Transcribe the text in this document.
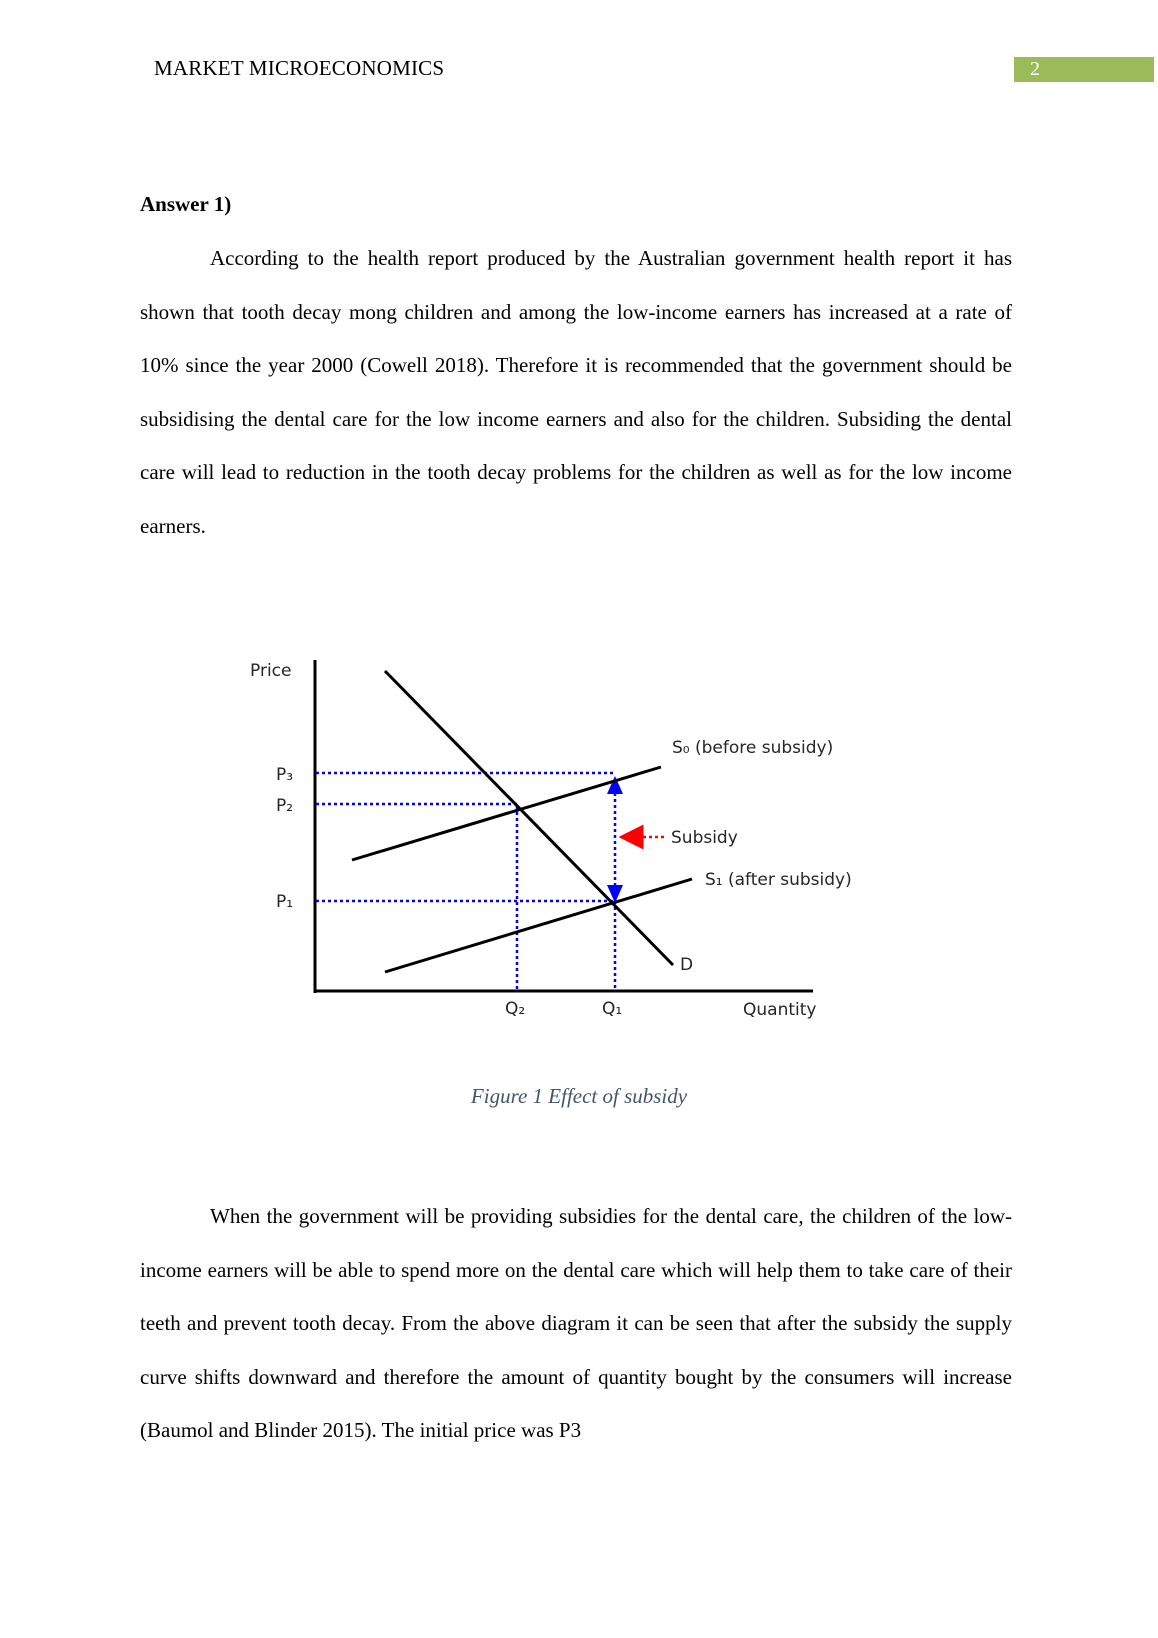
MARKET MICROECONOMICS	2
Answer 1)

According to the health report produced by the Australian government health report it has shown that tooth decay mong children and among the low-income earners has increased at a rate of 10% since the year 2000 (Cowell 2018). Therefore it is recommended that the government should be subsidising the dental care for the low income earners and also for the children. Subsiding the dental care will lead to reduction in the tooth decay problems for the children as well as for the low income earners.

Price
P₃
P₂
P₁
Q₂	Q₁	Quantity
S₀ (before subsidy)
Subsidy
S₁ (after subsidy)
D
Figure 1 Effect of subsidy

When the government will be providing subsidies for the dental care, the children of the low-income earners will be able to spend more on the dental care which will help them to take care of their teeth and prevent tooth decay. From the above diagram it can be seen that after the subsidy the supply curve shifts downward and therefore the amount of quantity bought by the consumers will increase (Baumol and Blinder 2015). The initial price was P3
